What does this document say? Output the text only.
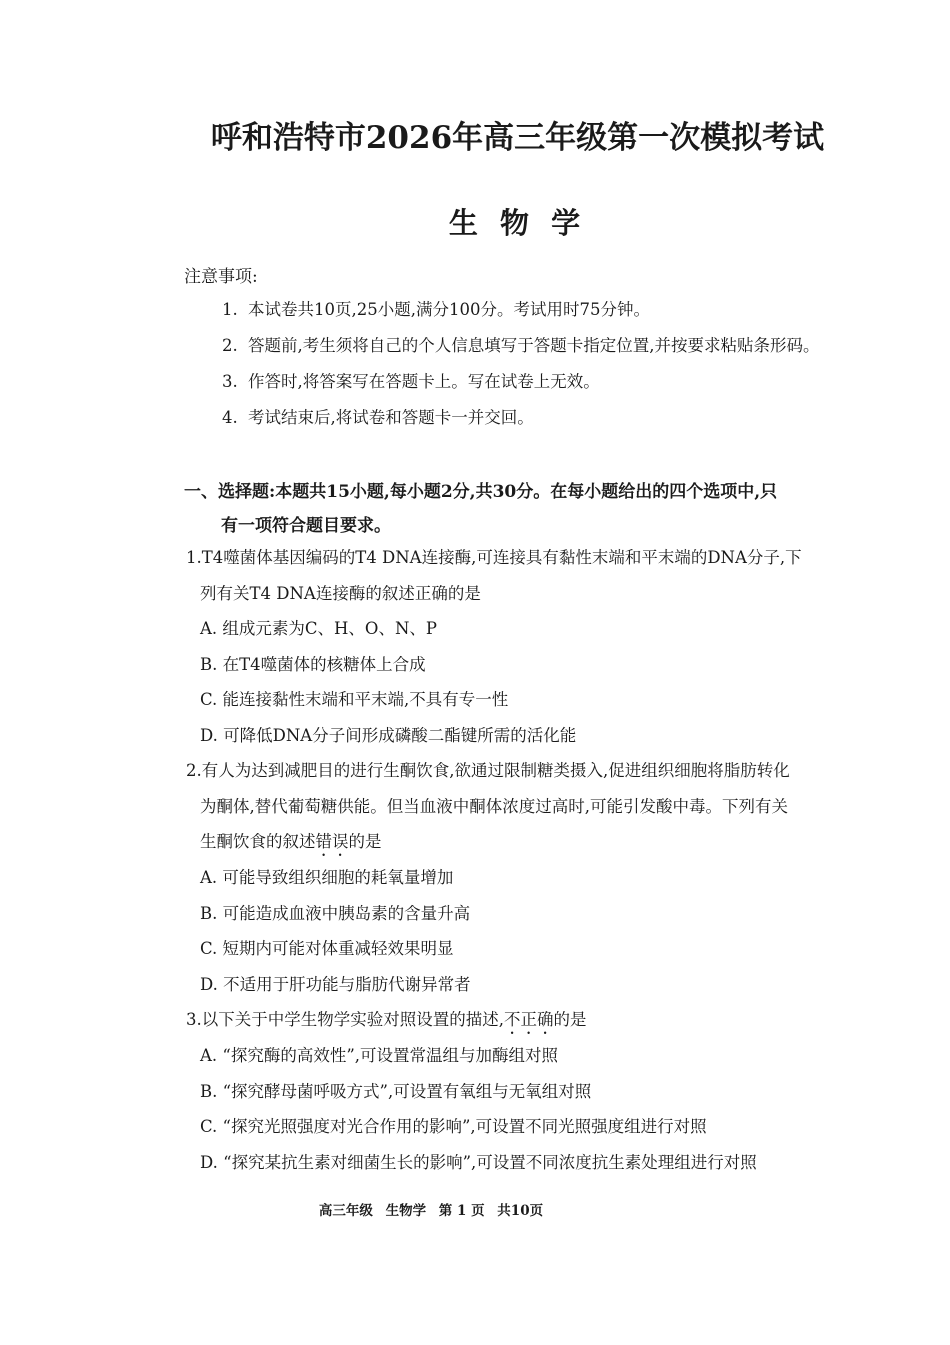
呼和浩特市2026年高三年级第一次模拟考试
生 物 学
注意事项:
1. 本试卷共10页,25小题,满分100分。考试用时75分钟。
2. 答题前,考生须将自己的个人信息填写于答题卡指定位置,并按要求粘贴条形码。
3. 作答时,将答案写在答题卡上。写在试卷上无效。
4. 考试结束后,将试卷和答题卡一并交回。
一、选择题:本题共15小题,每小题2分,共30分。在每小题给出的四个选项中,只
有一项符合题目要求。
1.T4噬菌体基因编码的T4 DNA连接酶,可连接具有黏性末端和平末端的DNA分子,下
列有关T4 DNA连接酶的叙述正确的是
A. 组成元素为C、H、O、N、P
B. 在T4噬菌体的核糖体上合成
C. 能连接黏性末端和平末端,不具有专一性
D. 可降低DNA分子间形成磷酸二酯键所需的活化能
2.有人为达到减肥目的进行生酮饮食,欲通过限制糖类摄入,促进组织细胞将脂肪转化
为酮体,替代葡萄糖供能。但当血液中酮体浓度过高时,可能引发酸中毒。下列有关
生酮饮食的叙述错误的是
A. 可能导致组织细胞的耗氧量增加
B. 可能造成血液中胰岛素的含量升高
C. 短期内可能对体重减轻效果明显
D. 不适用于肝功能与脂肪代谢异常者
3.以下关于中学生物学实验对照设置的描述,不正确的是
A. “探究酶的高效性”,可设置常温组与加酶组对照
B. “探究酵母菌呼吸方式”,可设置有氧组与无氧组对照
C. “探究光照强度对光合作用的影响”,可设置不同光照强度组进行对照
D. “探究某抗生素对细菌生长的影响”,可设置不同浓度抗生素处理组进行对照
高三年级 生物学 第 1 页 共10页
